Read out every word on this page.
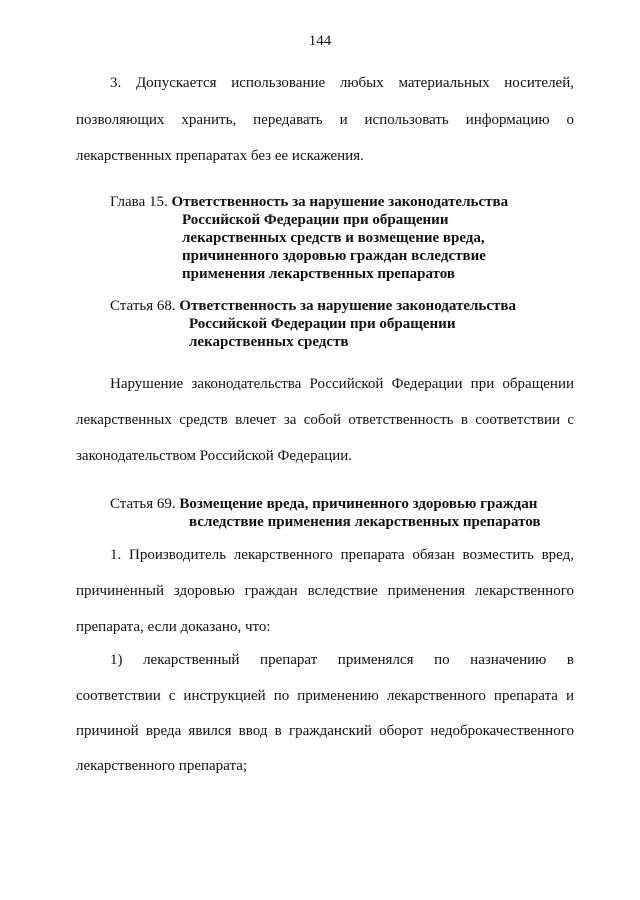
144
3. Допускается использование любых материальных носителей,
позволяющих хранить, передавать и использовать информацию о
лекарственных препаратах без ее искажения.
Глава 15. Ответственность за нарушение законодательства
Российской Федерации при обращении
лекарственных средств и возмещение вреда,
причиненного здоровью граждан вследствие
применения лекарственных препаратов
Статья 68. Ответственность за нарушение законодательства
Российской Федерации при обращении
лекарственных средств
Нарушение законодательства Российской Федерации при обращении
лекарственных средств влечет за собой ответственность в соответствии с
законодательством Российской Федерации.
Статья 69. Возмещение вреда, причиненного здоровью граждан
вследствие применения лекарственных препаратов
1. Производитель лекарственного препарата обязан возместить вред,
причиненный здоровью граждан вследствие применения лекарственного
препарата, если доказано, что:
1) лекарственный препарат применялся по назначению в
соответствии с инструкцией по применению лекарственного препарата и
причиной вреда явился ввод в гражданский оборот недоброкачественного
лекарственного препарата;
